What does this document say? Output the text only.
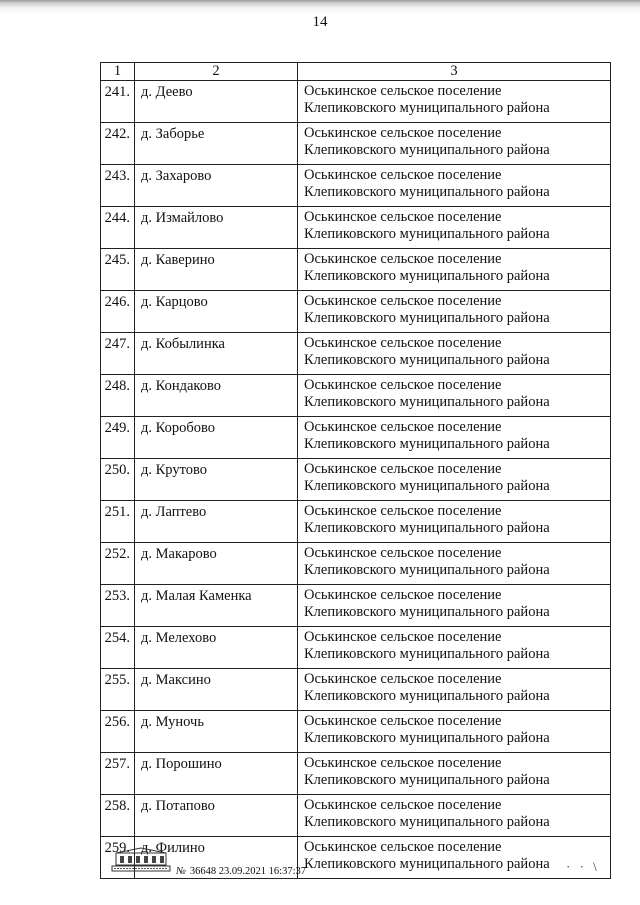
14
1	2	3
241.	д. Деево	Оськинское сельское поселение
Клепиковского муниципального района

242.	д. Заборье	Оськинское сельское поселение
Клепиковского муниципального района

243.	д. Захарово	Оськинское сельское поселение
Клепиковского муниципального района

244.	д. Измайлово	Оськинское сельское поселение
Клепиковского муниципального района

245.	д. Каверино	Оськинское сельское поселение
Клепиковского муниципального района

246.	д. Карцово	Оськинское сельское поселение
Клепиковского муниципального района

247.	д. Кобылинка	Оськинское сельское поселение
Клепиковского муниципального района

248.	д. Кондаково	Оськинское сельское поселение
Клепиковского муниципального района

249.	д. Коробово	Оськинское сельское поселение
Клепиковского муниципального района

250.	д. Крутово	Оськинское сельское поселение
Клепиковского муниципального района

251.	д. Лаптево	Оськинское сельское поселение
Клепиковского муниципального района

252.	д. Макарово	Оськинское сельское поселение
Клепиковского муниципального района

253.	д. Малая Каменка	Оськинское сельское поселение
Клепиковского муниципального района

254.	д. Мелехово	Оськинское сельское поселение
Клепиковского муниципального района

255.	д. Максино	Оськинское сельское поселение
Клепиковского муниципального района

256.	д. Муночь	Оськинское сельское поселение
Клепиковского муниципального района

257.	д. Порошино	Оськинское сельское поселение
Клепиковского муниципального района

258.	д. Потапово	Оськинское сельское поселение
Клепиковского муниципального района

259.	д. Филино	Оськинское сельское поселение
Клепиковского муниципального района
№ 36648 23.09.2021 16:37:37	· · \
